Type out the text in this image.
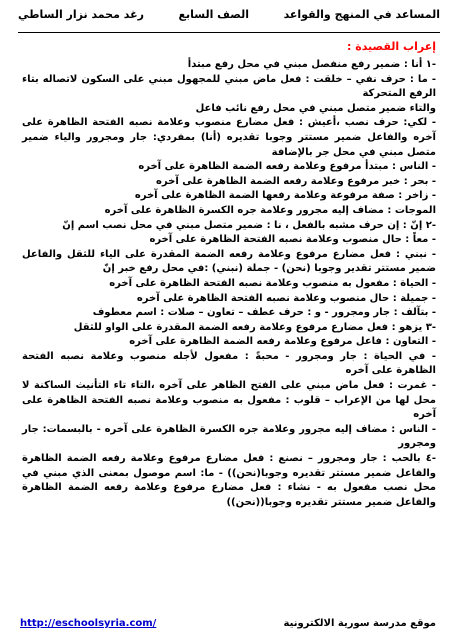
المساعد في المنهج والقواعد
الصف السابع
رغد محمد نزار الساطي
إعراب القصيدة :

-١ أنا : ضمير رفع منفصل مبني في محل رفع مبتدأ

- ما : حرف نفي – خلقت : فعل ماض مبني للمجهول مبني على السكون لاتصاله بتاء الرفع المتحركة

والتاء ضمير متصل مبني في محل رفع نائب فاعل

- لكي: حرف نصب ،أعيش : فعل مضارع منصوب وعلامة نصبه الفتحة الظاهرة على آخره والفاعل ضمير مستتر وجوبا تقديره (أنا) بمفردي: جار ومجرور والياء ضمير متصل مبني في محل جر بالإضافة

- الناس : مبتدأ مرفوع وعلامة رفعه الضمة الظاهرة على آخره

- بحر : خبر مرفوع وعلامة رفعه الضمة الظاهرة على آخره

- زاخر : صفة مرفوعة وعلامة رفعها الضمة الظاهرة على آخره

الموجات : مضاف إليه مجرور وعلامة جره الكسرة الظاهرة على آخره

-٢ إنّ : إن حرف مشبه بالفعل ، نا : ضمير متصل مبني في محل نصب اسم إنّ

- معاً : حال منصوب وعلامة نصبه الفتحة الظاهرة على آخره

- نبني : فعل مضارع مرفوع وعلامة رفعه الضمة المقدرة على الياء للثقل والفاعل ضمير مستتر تقدير وجوبا (نحن) - جملة (نبني) :في محل رفع خبر إنّ

- الحياة : مفعول به منصوب وعلامة نصبه الفتحة الظاهرة على آخره

- جميلة : حال منصوب وعلامة نصبه الفتحة الظاهرة على آخره

- بتآلف : جار ومجرور - و : حرف عطف – تعاون – صلات : اسم معطوف

-٣ يزهو : فعل مضارع مرفوع وعلامة رفعه الضمة المقدرة على الواو للثقل

- التعاون : فاعل مرفوع وعلامة رفعه الضمة الظاهرة على آخره

- في الحياة : جار ومجرور - محبةً : مفعول لأجله منصوب وعلامة نصبه الفتحة الظاهرة على آخره

- غمرت : فعل ماض مبني على الفتح الظاهر على آخره ،التاء تاء التأنيث الساكنة لا محل لها من الإعراب – قلوب : مفعول به منصوب وعلامة نصبه الفتحة الظاهرة على آخره

- الناس : مضاف إليه مجرور وعلامة جره الكسرة الظاهرة على آخره - بالبسمات: جار ومجرور

-٤ بالحب : جار ومجرور – نصنع : فعل مضارع مرفوع وعلامة رفعه الضمة الظاهرة والفاعل ضمير مستتر تقديره وجوبا(نحن)) - ما: اسم موصول بمعنى الذي مبني في محل نصب مفعول به - نشاء : فعل مضارع مرفوع وعلامة رفعه الضمة الظاهرة والفاعل ضمير مستتر تقديره وجوبا((نحن))

موقع مدرسة سورية الالكترونية
http://eschoolsyria.com/
